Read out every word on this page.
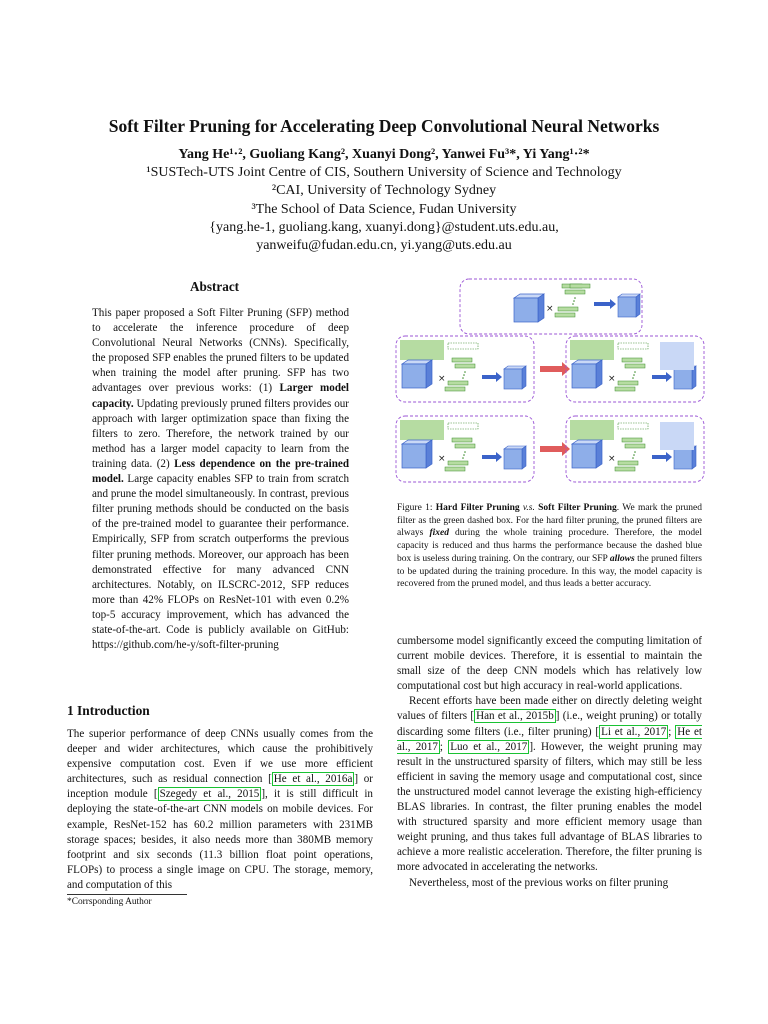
Soft Filter Pruning for Accelerating Deep Convolutional Neural Networks
Yang He¹·², Guoliang Kang², Xuanyi Dong², Yanwei Fu³*, Yi Yang¹·²*
¹SUSTech-UTS Joint Centre of CIS, Southern University of Science and Technology
²CAI, University of Technology Sydney
³The School of Data Science, Fudan University
{yang.he-1, guoliang.kang, xuanyi.dong}@student.uts.edu.au,
yanweifu@fudan.edu.cn, yi.yang@uts.edu.au
Abstract

This paper proposed a Soft Filter Pruning (SFP) method to accelerate the inference procedure of deep Convolutional Neural Networks (CNNs). Specifically, the proposed SFP enables the pruned filters to be updated when training the model after pruning. SFP has two advantages over previous works: (1) Larger model capacity. Updating previously pruned filters provides our approach with larger optimization space than fixing the filters to zero. Therefore, the network trained by our method has a larger model capacity to learn from the training data. (2) Less dependence on the pre-trained model. Large capacity enables SFP to train from scratch and prune the model simultaneously. In contrast, previous filter pruning methods should be conducted on the basis of the pre-trained model to guarantee their performance. Empirically, SFP from scratch outperforms the previous filter pruning methods. Moreover, our approach has been demonstrated effective for many advanced CNN architectures. Notably, on ILSCRC-2012, SFP reduces more than 42% FLOPs on ResNet-101 with even 0.2% top-5 accuracy improvement, which has advanced the state-of-the-art. Code is publicly available on GitHub: https://github.com/he-y/soft-filter-pruning

1 Introduction

The superior performance of deep CNNs usually comes from the deeper and wider architectures, which cause the prohibitively expensive computation cost. Even if we use more efficient architectures, such as residual connection [ He et al., 2016a ] or inception module [ Szegedy et al., 2015 ], it is still difficult in deploying the state-of-the-art CNN models on mobile devices. For example, ResNet-152 has 60.2 million parameters with 231MB storage spaces; besides, it also needs more than 380MB memory footprint and six seconds (11.3 billion float point operations, FLOPs) to process a single image on CPU. The storage, memory, and computation of this

*Corrsponding Author
×
×
Figure 1: Hard Filter Pruning v.s. Soft Filter Pruning. We mark the pruned filter as the green dashed box. For the hard filter pruning, the pruned filters are always fixed during the whole training procedure. Therefore, the model capacity is reduced and thus harms the performance because the dashed blue box is useless during training. On the contrary, our SFP allows the pruned filters to be updated during the training procedure. In this way, the model capacity is recovered from the pruned model, and thus leads a better accuracy.

cumbersome model significantly exceed the computing limitation of current mobile devices. Therefore, it is essential to maintain the small size of the deep CNN models which has relatively low computational cost but high accuracy in real-world applications.

Recent efforts have been made either on directly deleting weight values of filters [ Han et al., 2015b ] (i.e., weight pruning) or totally discarding some filters (i.e., filter pruning) [ Li et al., 2017 ; He et al., 2017 ; Luo et al., 2017 ]. However, the weight pruning may result in the unstructured sparsity of filters, which may still be less efficient in saving the memory usage and computational cost, since the unstructured model cannot leverage the existing high-efficiency BLAS libraries. In contrast, the filter pruning enables the model with structured sparsity and more efficient memory usage than weight pruning, and thus takes full advantage of BLAS libraries to achieve a more realistic acceleration. Therefore, the filter pruning is more advocated in accelerating the networks.

Nevertheless, most of the previous works on filter pruning
